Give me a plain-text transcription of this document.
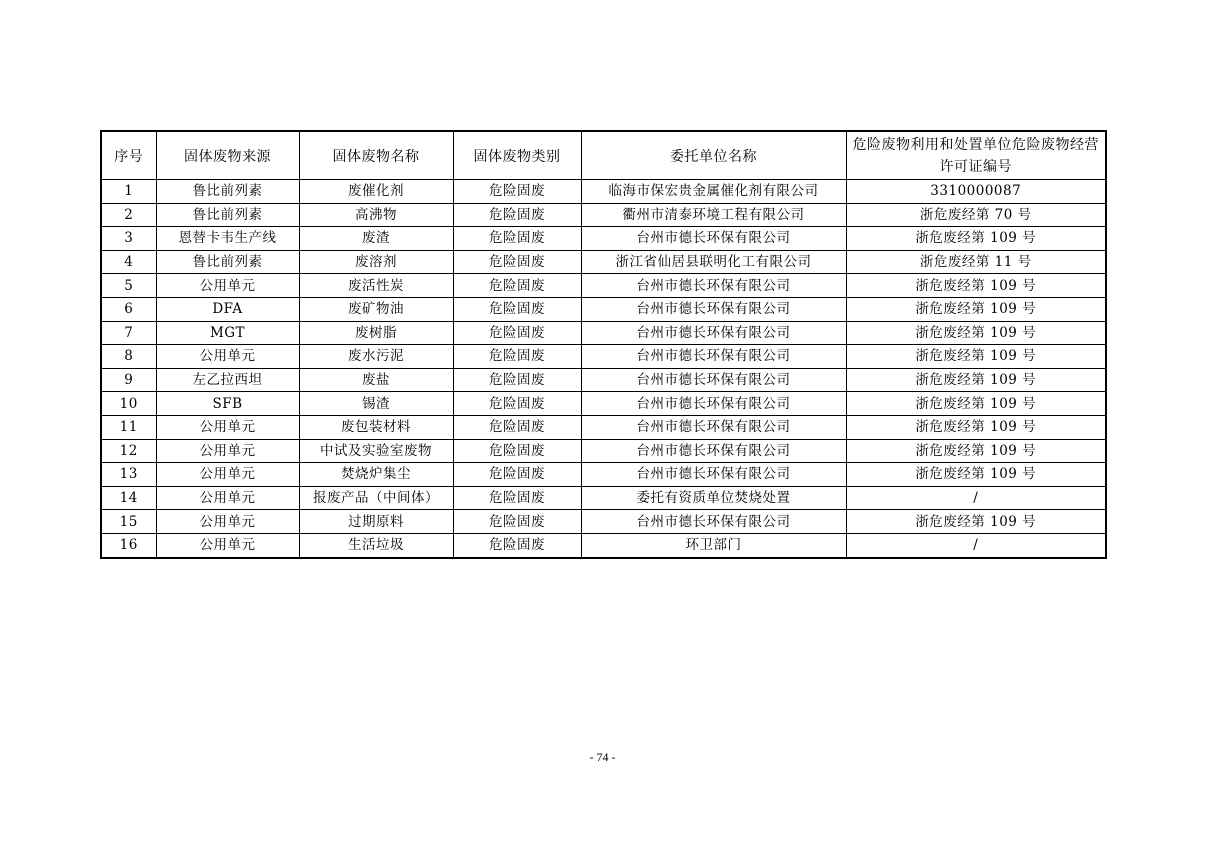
序号	固体废物来源	固体废物名称	固体废物类别	委托单位名称	危险废物利用和处置单位危险废物经营许可证编号
1	鲁比前列素	废催化剂	危险固废	临海市保宏贵金属催化剂有限公司	3310000087
2	鲁比前列素	高沸物	危险固废	衢州市清泰环境工程有限公司	浙危废经第 70 号
3	恩替卡韦生产线	废渣	危险固废	台州市德长环保有限公司	浙危废经第 109 号
4	鲁比前列素	废溶剂	危险固废	浙江省仙居县联明化工有限公司	浙危废经第 11 号
5	公用单元	废活性炭	危险固废	台州市德长环保有限公司	浙危废经第 109 号
6	DFA	废矿物油	危险固废	台州市德长环保有限公司	浙危废经第 109 号
7	MGT	废树脂	危险固废	台州市德长环保有限公司	浙危废经第 109 号
8	公用单元	废水污泥	危险固废	台州市德长环保有限公司	浙危废经第 109 号
9	左乙拉西坦	废盐	危险固废	台州市德长环保有限公司	浙危废经第 109 号
10	SFB	锡渣	危险固废	台州市德长环保有限公司	浙危废经第 109 号
11	公用单元	废包装材料	危险固废	台州市德长环保有限公司	浙危废经第 109 号
12	公用单元	中试及实验室废物	危险固废	台州市德长环保有限公司	浙危废经第 109 号
13	公用单元	焚烧炉集尘	危险固废	台州市德长环保有限公司	浙危废经第 109 号
14	公用单元	报废产品（中间体）	危险固废	委托有资质单位焚烧处置	/
15	公用单元	过期原料	危险固废	台州市德长环保有限公司	浙危废经第 109 号
16	公用单元	生活垃圾	危险固废	环卫部门	/
- 74 -
